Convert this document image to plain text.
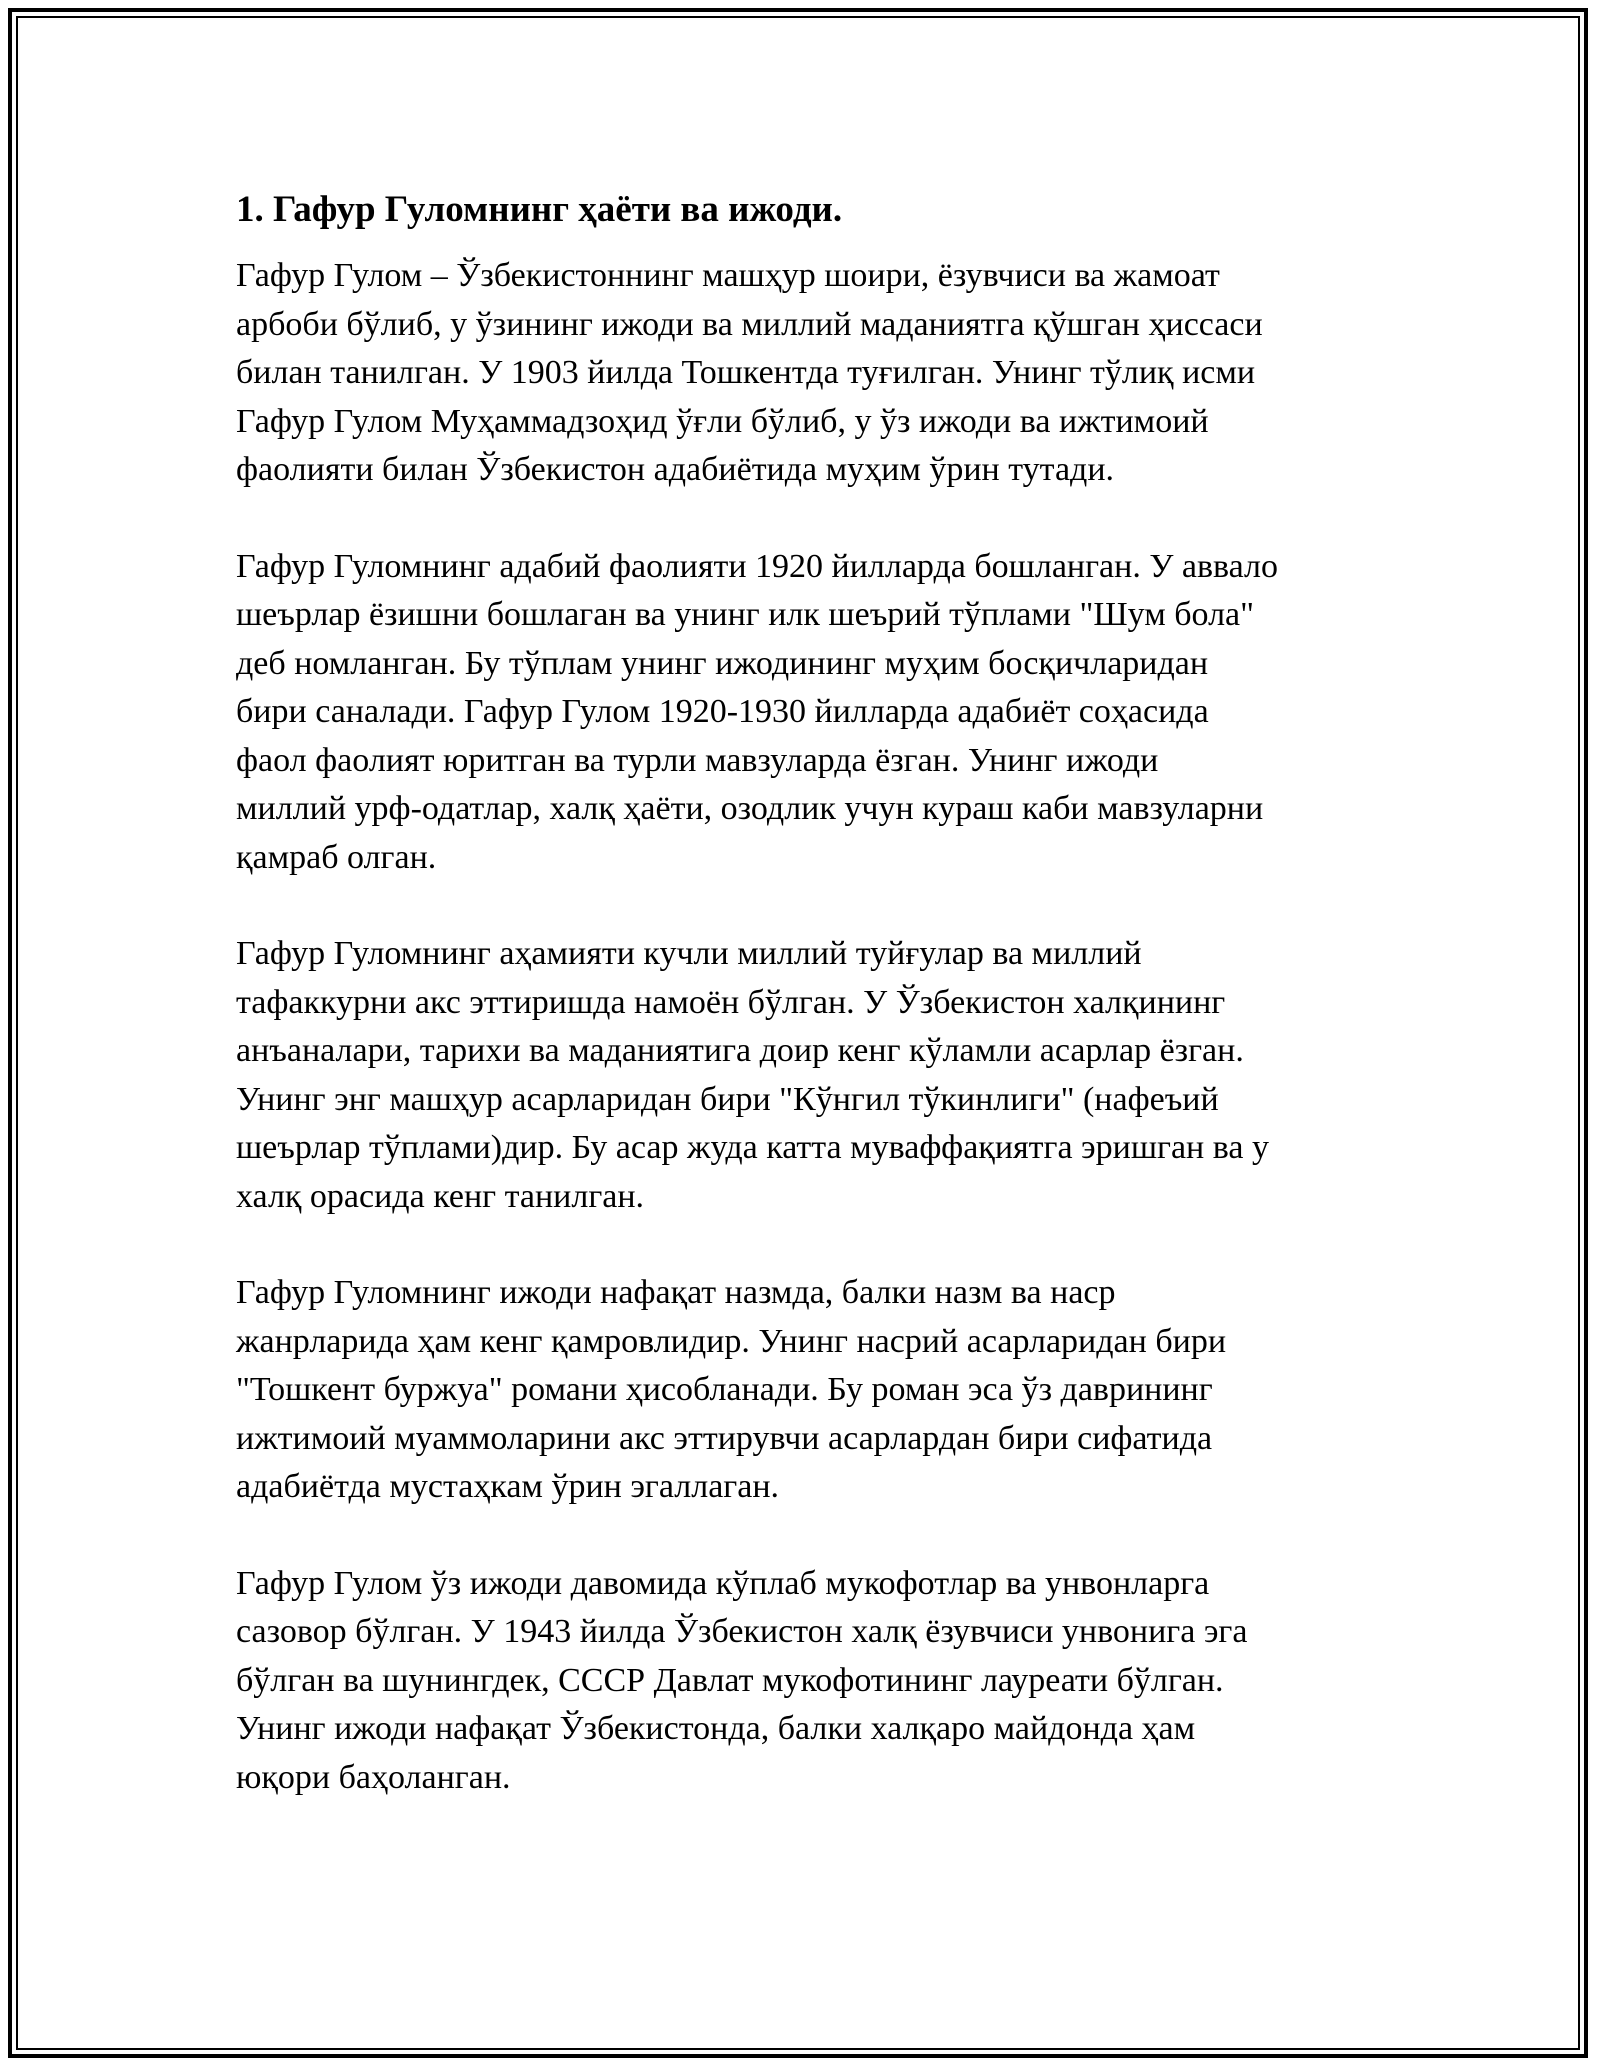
1. Гафур Гуломнинг ҳаёти ва ижоди.
Гафур Гулом – Ўзбекистоннинг машҳур шоири, ёзувчиси ва жамоат
арбоби бўлиб, у ўзининг ижоди ва миллий маданиятга қўшган ҳиссаси
билан танилган. У 1903 йилда Тошкентда туғилган. Унинг тўлиқ исми
Гафур Гулом Муҳаммадзоҳид ўғли бўлиб, у ўз ижоди ва ижтимоий
фаолияти билан Ўзбекистон адабиётида муҳим ўрин тутади.
Гафур Гуломнинг адабий фаолияти 1920 йилларда бошланган. У аввало
шеърлар ёзишни бошлаган ва унинг илк шеърий тўплами "Шум бола"
деб номланган. Бу тўплам унинг ижодининг муҳим босқичларидан
бири саналади. Гафур Гулом 1920-1930 йилларда адабиёт соҳасида
фаол фаолият юритган ва турли мавзуларда ёзган. Унинг ижоди
миллий урф-одатлар, халқ ҳаёти, озодлик учун кураш каби мавзуларни
қамраб олган.
Гафур Гуломнинг аҳамияти кучли миллий туйғулар ва миллий
тафаккурни акс эттиришда намоён бўлган. У Ўзбекистон халқининг
анъаналари, тарихи ва маданиятига доир кенг кўламли асарлар ёзган.
Унинг энг машҳур асарларидан бири "Кўнгил тўкинлиги" (нафеъий
шеърлар тўплами)дир. Бу асар жуда катта муваффақиятга эришган ва у
халқ орасида кенг танилган.
Гафур Гуломнинг ижоди нафақат назмда, балки назм ва наср
жанрларида ҳам кенг қамровлидир. Унинг насрий асарларидан бири
"Тошкент буржуа" романи ҳисобланади. Бу роман эса ўз даврининг
ижтимоий муаммоларини акс эттирувчи асарлардан бири сифатида
адабиётда мустаҳкам ўрин эгаллаган.
Гафур Гулом ўз ижоди давомида кўплаб мукофотлар ва унвонларга
сазовор бўлган. У 1943 йилда Ўзбекистон халқ ёзувчиси унвонига эга
бўлган ва шунингдек, СССР Давлат мукофотининг лауреати бўлган.
Унинг ижоди нафақат Ўзбекистонда, балки халқаро майдонда ҳам
юқори баҳоланган.
